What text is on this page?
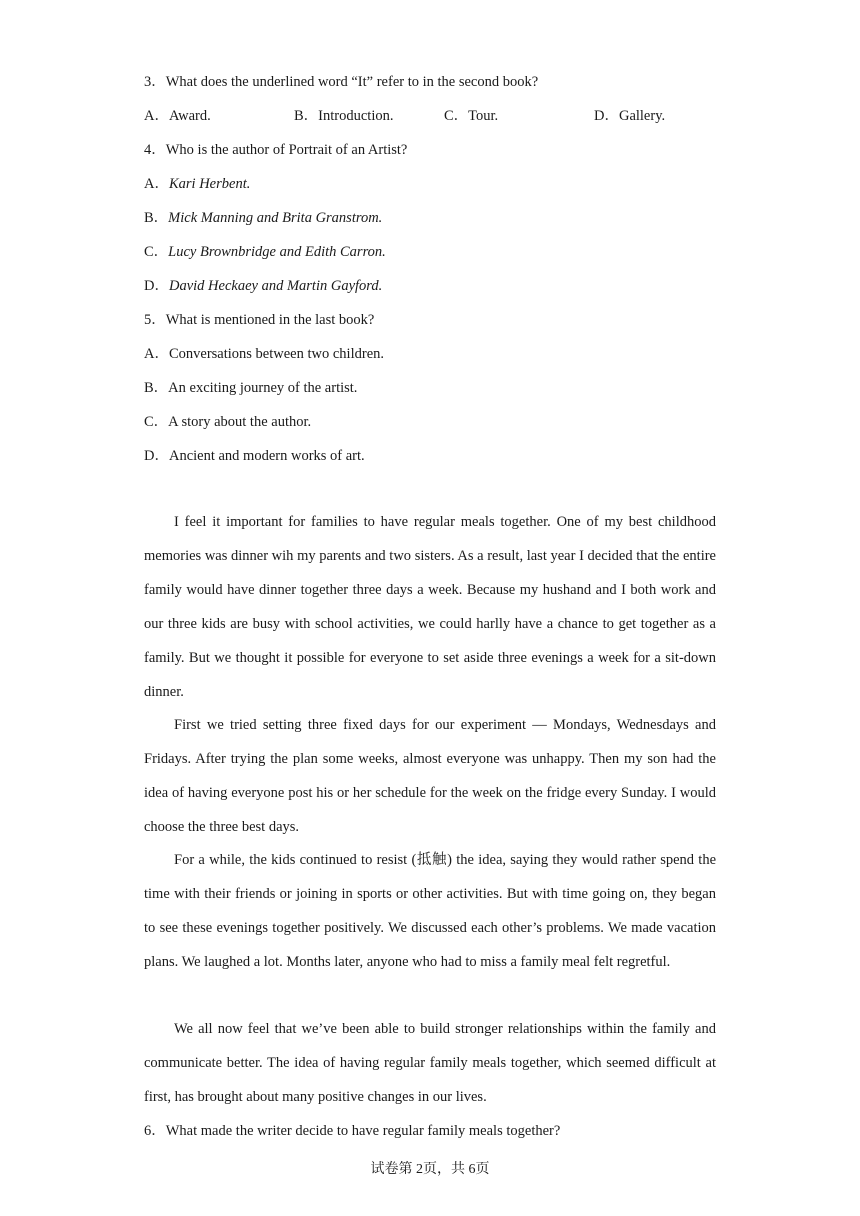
3．What does the underlined word “It” refer to in the second book?
A．Award.	B．Introduction.	C．Tour.	D．Gallery.
4．Who is the author of Portrait of an Artist?
A．Kari Herbent.
B．Mick Manning and Brita Granstrom.
C．Lucy Brownbridge and Edith Carron.
D．David Heckaey and Martin Gayford.
5．What is mentioned in the last book?
A．Conversations between two children.
B．An exciting journey of the artist.
C．A story about the author.
D．Ancient and modern works of art.
I feel it important for families to have regular meals together. One of my best childhood memories was dinner wih my parents and two sisters. As a result, last year I decided that the entire family would have dinner together three days a week. Because my hushand and I both work and our three kids are busy with school activities, we could harlly have a chance to get together as a family. But we thought it possible for everyone to set aside three evenings a week for a sit-down dinner.
First we tried setting three fixed days for our experiment — Mondays, Wednesdays and Fridays. After trying the plan some weeks, almost everyone was unhappy. Then my son had the idea of having everyone post his or her schedule for the week on the fridge every Sunday. I would choose the three best days.
For a while, the kids continued to resist (抵触) the idea, saying they would rather spend the time with their friends or joining in sports or other activities. But with time going on, they began to see these evenings together positively. We discussed each other’s problems. We made vacation plans. We laughed a lot. Months later, anyone who had to miss a family meal felt regretful.
We all now feel that we’ve been able to build stronger relationships within the family and communicate better. The idea of having regular family meals together, which seemed difficult at first, has brought about many positive changes in our lives.
6．What made the writer decide to have regular family meals together?
试卷第 2页，共 6页
